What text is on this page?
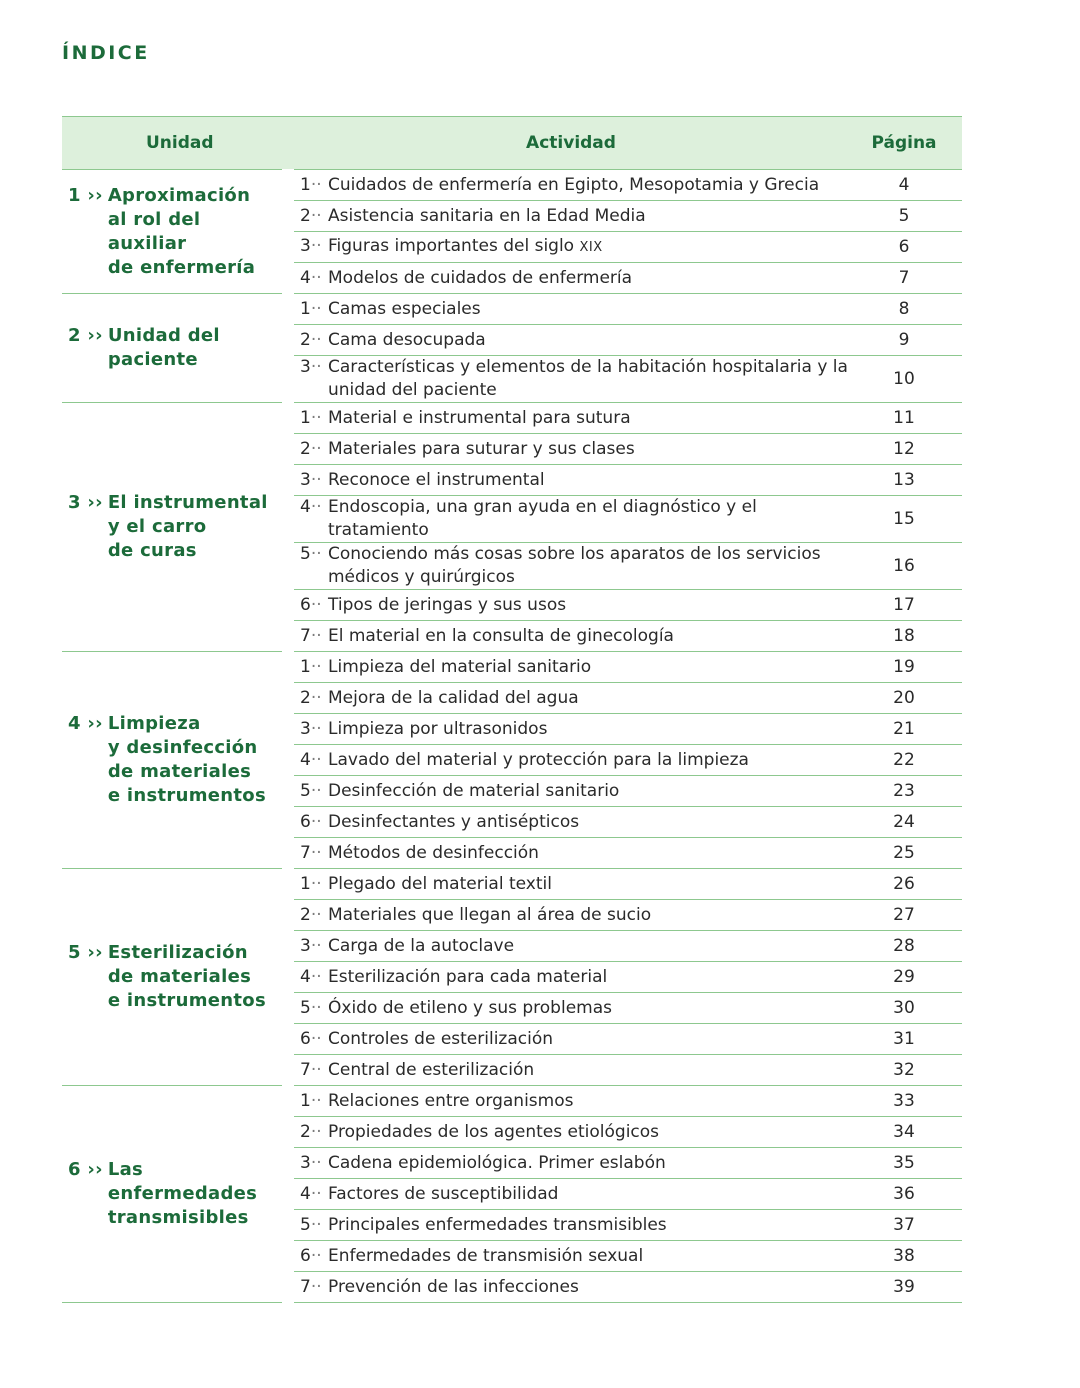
ÍNDICE
Unidad	Actividad	Página

1 ›› Aproximación
al rol del auxiliar
de enfermería	1·· Cuidados de enfermería en Egipto, Mesopotamia y Grecia	4

	2·· Asistencia sanitaria en la Edad Media	5

	3·· Figuras importantes del siglo XIX	6

	4·· Modelos de cuidados de enfermería	7

2 ›› Unidad del
paciente	1·· Camas especiales	8

	2·· Cama desocupada	9

	3·· Características y elementos de la habitación hospitalaria y la unidad del paciente	10

3 ›› El instrumental
y el carro
de curas	1·· Material e instrumental para sutura	11

	2·· Materiales para suturar y sus clases	12

	3·· Reconoce el instrumental	13

	4·· Endoscopia, una gran ayuda en el diagnóstico y el tratamiento	15

	5·· Conociendo más cosas sobre los aparatos de los servicios médicos y quirúrgicos	16

	6·· Tipos de jeringas y sus usos	17

	7·· El material en la consulta de ginecología	18

4 ›› Limpieza
y desinfección
de materiales
e instrumentos	1·· Limpieza del material sanitario	19

	2·· Mejora de la calidad del agua	20

	3·· Limpieza por ultrasonidos	21

	4·· Lavado del material y protección para la limpieza	22

	5·· Desinfección de material sanitario	23

	6·· Desinfectantes y antisépticos	24

	7·· Métodos de desinfección	25

5 ›› Esterilización
de materiales
e instrumentos	1·· Plegado del material textil	26

	2·· Materiales que llegan al área de sucio	27

	3·· Carga de la autoclave	28

	4·· Esterilización para cada material	29

	5·· Óxido de etileno y sus problemas	30

	6·· Controles de esterilización	31

	7·· Central de esterilización	32

6 ›› Las
enfermedades
transmisibles	1·· Relaciones entre organismos	33

	2·· Propiedades de los agentes etiológicos	34

	3·· Cadena epidemiológica. Primer eslabón	35

	4·· Factores de susceptibilidad	36

	5·· Principales enfermedades transmisibles	37

	6·· Enfermedades de transmisión sexual	38

	7·· Prevención de las infecciones	39
